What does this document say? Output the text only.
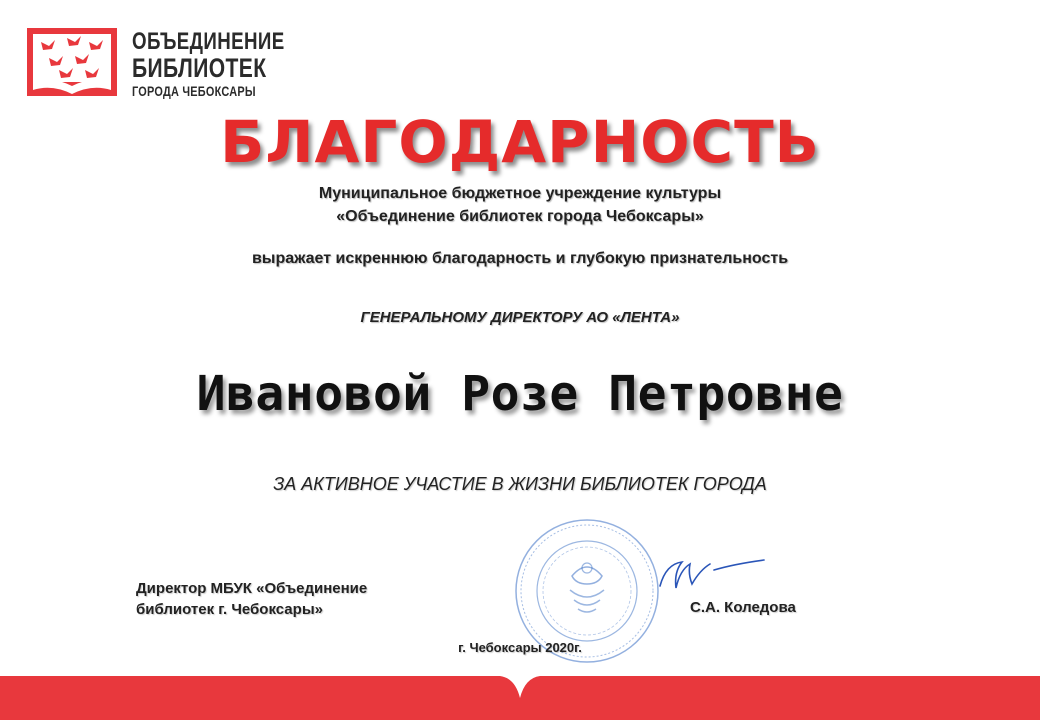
ОБЪЕДИНЕНИЕ
БИБЛИОТЕК
ГОРОДА ЧЕБОКСАРЫ
БЛАГОДАРНОСТЬ
Муниципальное бюджетное учреждение культуры
«Объединение библиотек города Чебоксары»
выражает искреннюю благодарность и глубокую признательность
ГЕНЕРАЛЬНОМУ ДИРЕКТОРУ АО «ЛЕНТА»
Ивановой Розе Петровне
ЗА АКТИВНОЕ УЧАСТИЕ В ЖИЗНИ БИБЛИОТЕК ГОРОДА
Директор МБУК «Объединение
библиотек г. Чебоксары»	С.А. Коледова
г. Чебоксары 2020г.
